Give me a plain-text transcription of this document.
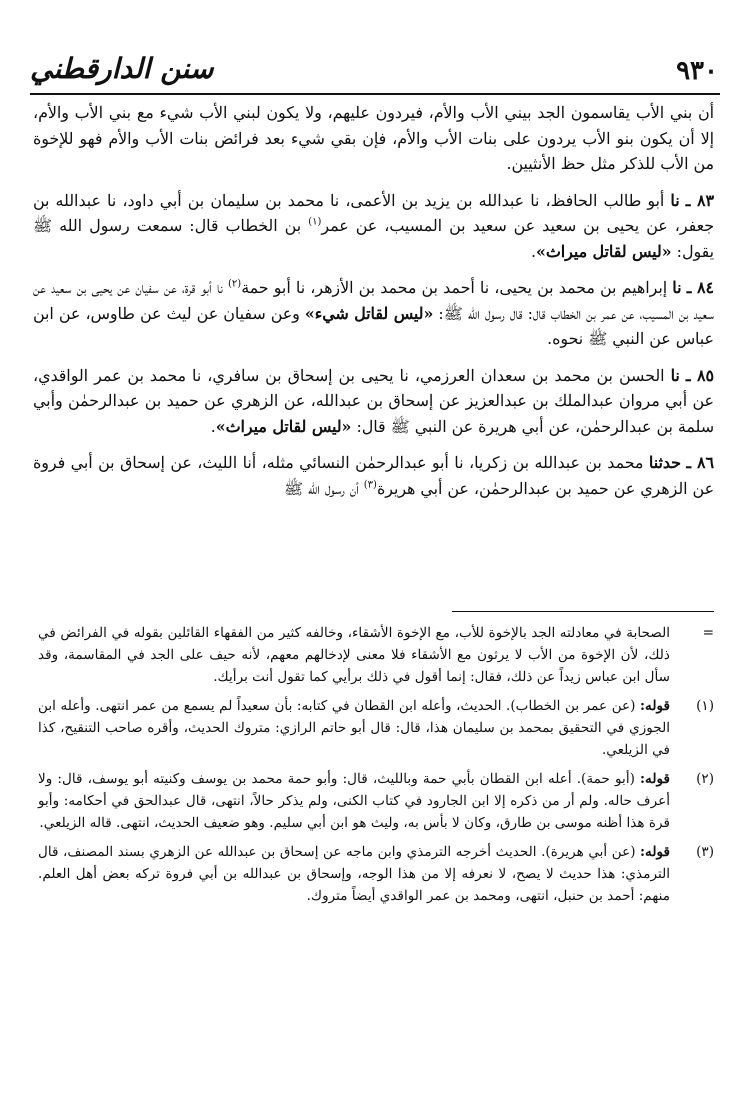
سنن الدارقطني	٩٣٠

أن بني الأب يقاسمون الجد بيني الأب والأم، فيردون عليهم، ولا يكون لبني الأب شيء مع بني الأب والأم، إلا أن يكون بنو الأب يردون على بنات الأب والأم، فإن بقي شيء بعد فرائض بنات الأب والأم فهو للإخوة من الأب للذكر مثل حظ الأنثيين.

٨٣ ـ نا أبو طالب الحافظ، نا عبدالله بن يزيد بن الأعمى، نا محمد بن سليمان بن أبي داود، نا عبدالله بن جعفر، عن يحيى بن سعيد عن سعيد بن المسيب، عن عمر$^{(١)}$ بن الخطاب قال: سمعت رسول الله ﷺ يقول: «ليس لقاتل ميراث».

٨٤ ـ نا إبراهيم بن محمد بن يحيى، نا أحمد بن محمد بن الأزهر، نا أبو حمة$^{(٢)}$ نا أبو قرة، عن سفيان عن يحيى بن سعيد عن سعيد بن المسيب، عن عمر بن الخطاب قال: قال رسول الله ﷺ: «ليس لقاتل شيء» وعن سفيان عن ليث عن طاوس، عن ابن عباس عن النبي ﷺ نحوه.

٨٥ ـ نا الحسن بن محمد بن سعدان العرزمي، نا يحيى بن إسحاق بن سافري، نا محمد بن عمر الواقدي، عن أبي مروان عبدالملك بن عبدالعزيز عن إسحاق بن عبدالله، عن الزهري عن حميد بن عبدالرحمٰن وأبي سلمة بن عبدالرحمٰن، عن أبي هريرة عن النبي ﷺ قال: «ليس لقاتل ميراث».

٨٦ ـ حدثنا محمد بن عبدالله بن زكريا، نا أبو عبدالرحمٰن النسائي مثله، أنا الليث، عن إسحاق بن أبي فروة عن الزهري عن حميد بن عبدالرحمٰن، عن أبي هريرة$^{(٣)}$ أن رسول الله ﷺ

=
الصحابة في معادلته الجد بالإخوة للأب، مع الإخوة الأشقاء، وخالفه كثير من الفقهاء القائلين بقوله في الفرائض في ذلك، لأن الإخوة من الأب لا يرثون مع الأشقاء فلا معنى لإدخالهم معهم، لأنه حيف على الجد في المقاسمة، وقد سأل ابن عباس زيداً عن ذلك، فقال: إنما أقول في ذلك برأيي كما تقول أنت برأيك.
(١)
قوله: (عن عمر بن الخطاب). الحديث، وأعله ابن القطان في كتابه: بأن سعيداً لم يسمع من عمر انتهى. وأعله ابن الجوزي في التحقيق بمحمد بن سليمان هذا، قال: قال أبو حاتم الرازي: متروك الحديث، وأقره صاحب التنقيح، كذا في الزيلعي.
(٢)
قوله: (أبو حمة). أعله ابن القطان بأبي حمة وبالليث، قال: وأبو حمة محمد بن يوسف وكنيته أبو يوسف، قال: ولا أعرف حاله. ولم أر من ذكره إلا ابن الجارود في كتاب الكنى، ولم يذكر حالاً، انتهى، قال عبدالحق في أحكامه: وأبو قرة هذا أظنه موسى بن طارق، وكان لا بأس به، وليث هو ابن أبي سليم. وهو ضعيف الحديث، انتهى. قاله الزيلعي.
(٣)
قوله: (عن أبي هريرة). الحديث أخرجه الترمذي وابن ماجه عن إسحاق بن عبدالله عن الزهري بسند المصنف، قال الترمذي: هذا حديث لا يصح، لا نعرفه إلا من هذا الوجه، وإسحاق بن عبدالله بن أبي فروة تركه بعض أهل العلم. منهم: أحمد بن حنبل، انتهى، ومحمد بن عمر الواقدي أيضاً متروك.
